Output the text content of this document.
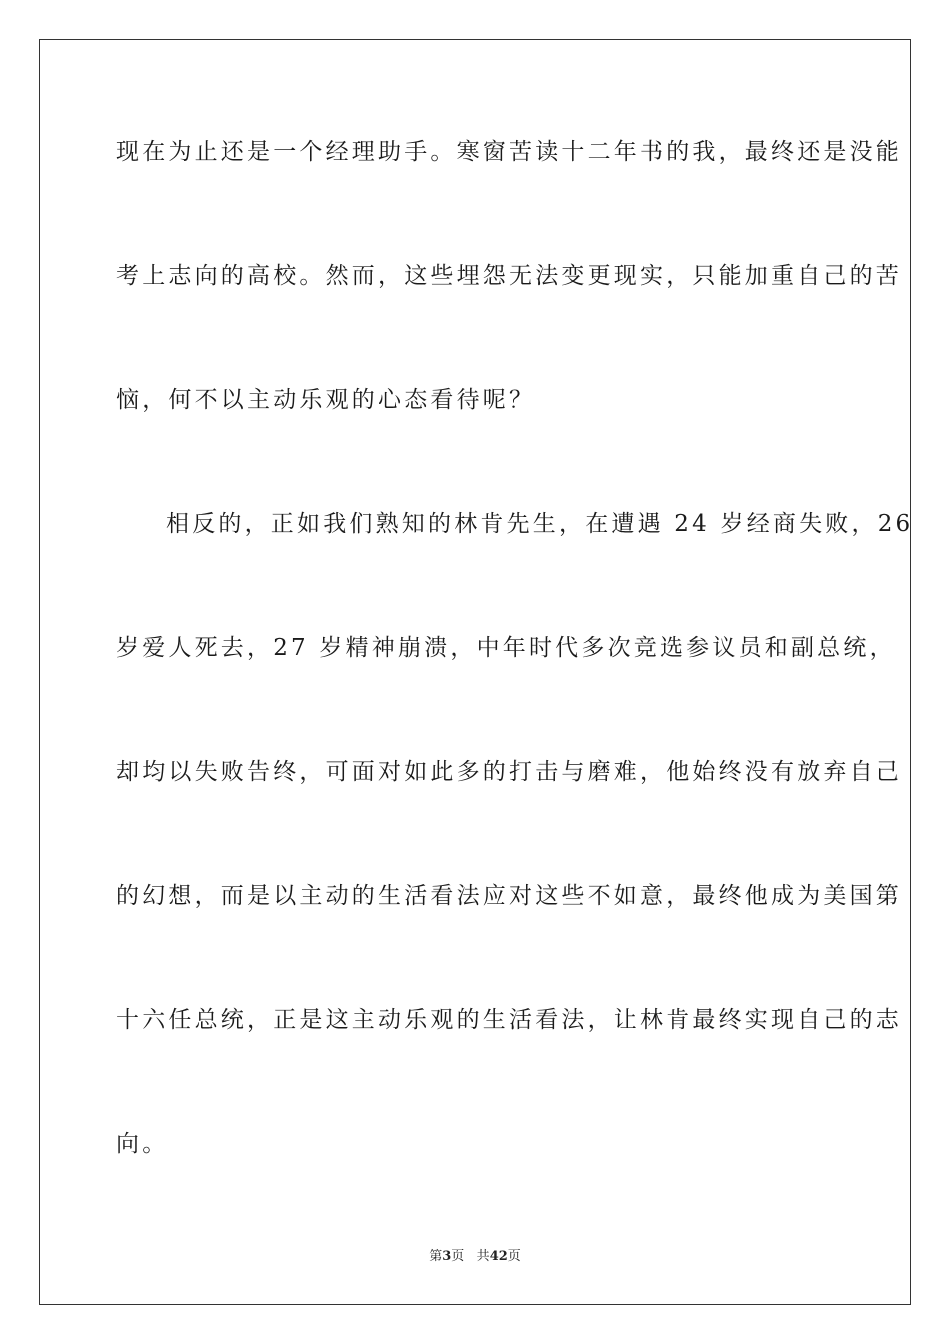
现在为止还是一个经理助手。寒窗苦读十二年书的我，最终还是没能

考上志向的高校。然而，这些埋怨无法变更现实，只能加重自己的苦

恼，何不以主动乐观的心态看待呢？

相反的，正如我们熟知的林肯先生，在遭遇 24 岁经商失败，26

岁爱人死去，27 岁精神崩溃，中年时代多次竞选参议员和副总统，

却均以失败告终，可面对如此多的打击与磨难，他始终没有放弃自己

的幻想，而是以主动的生活看法应对这些不如意，最终他成为美国第

十六任总统，正是这主动乐观的生活看法，让林肯最终实现自己的志

向。

第3页 共42页
